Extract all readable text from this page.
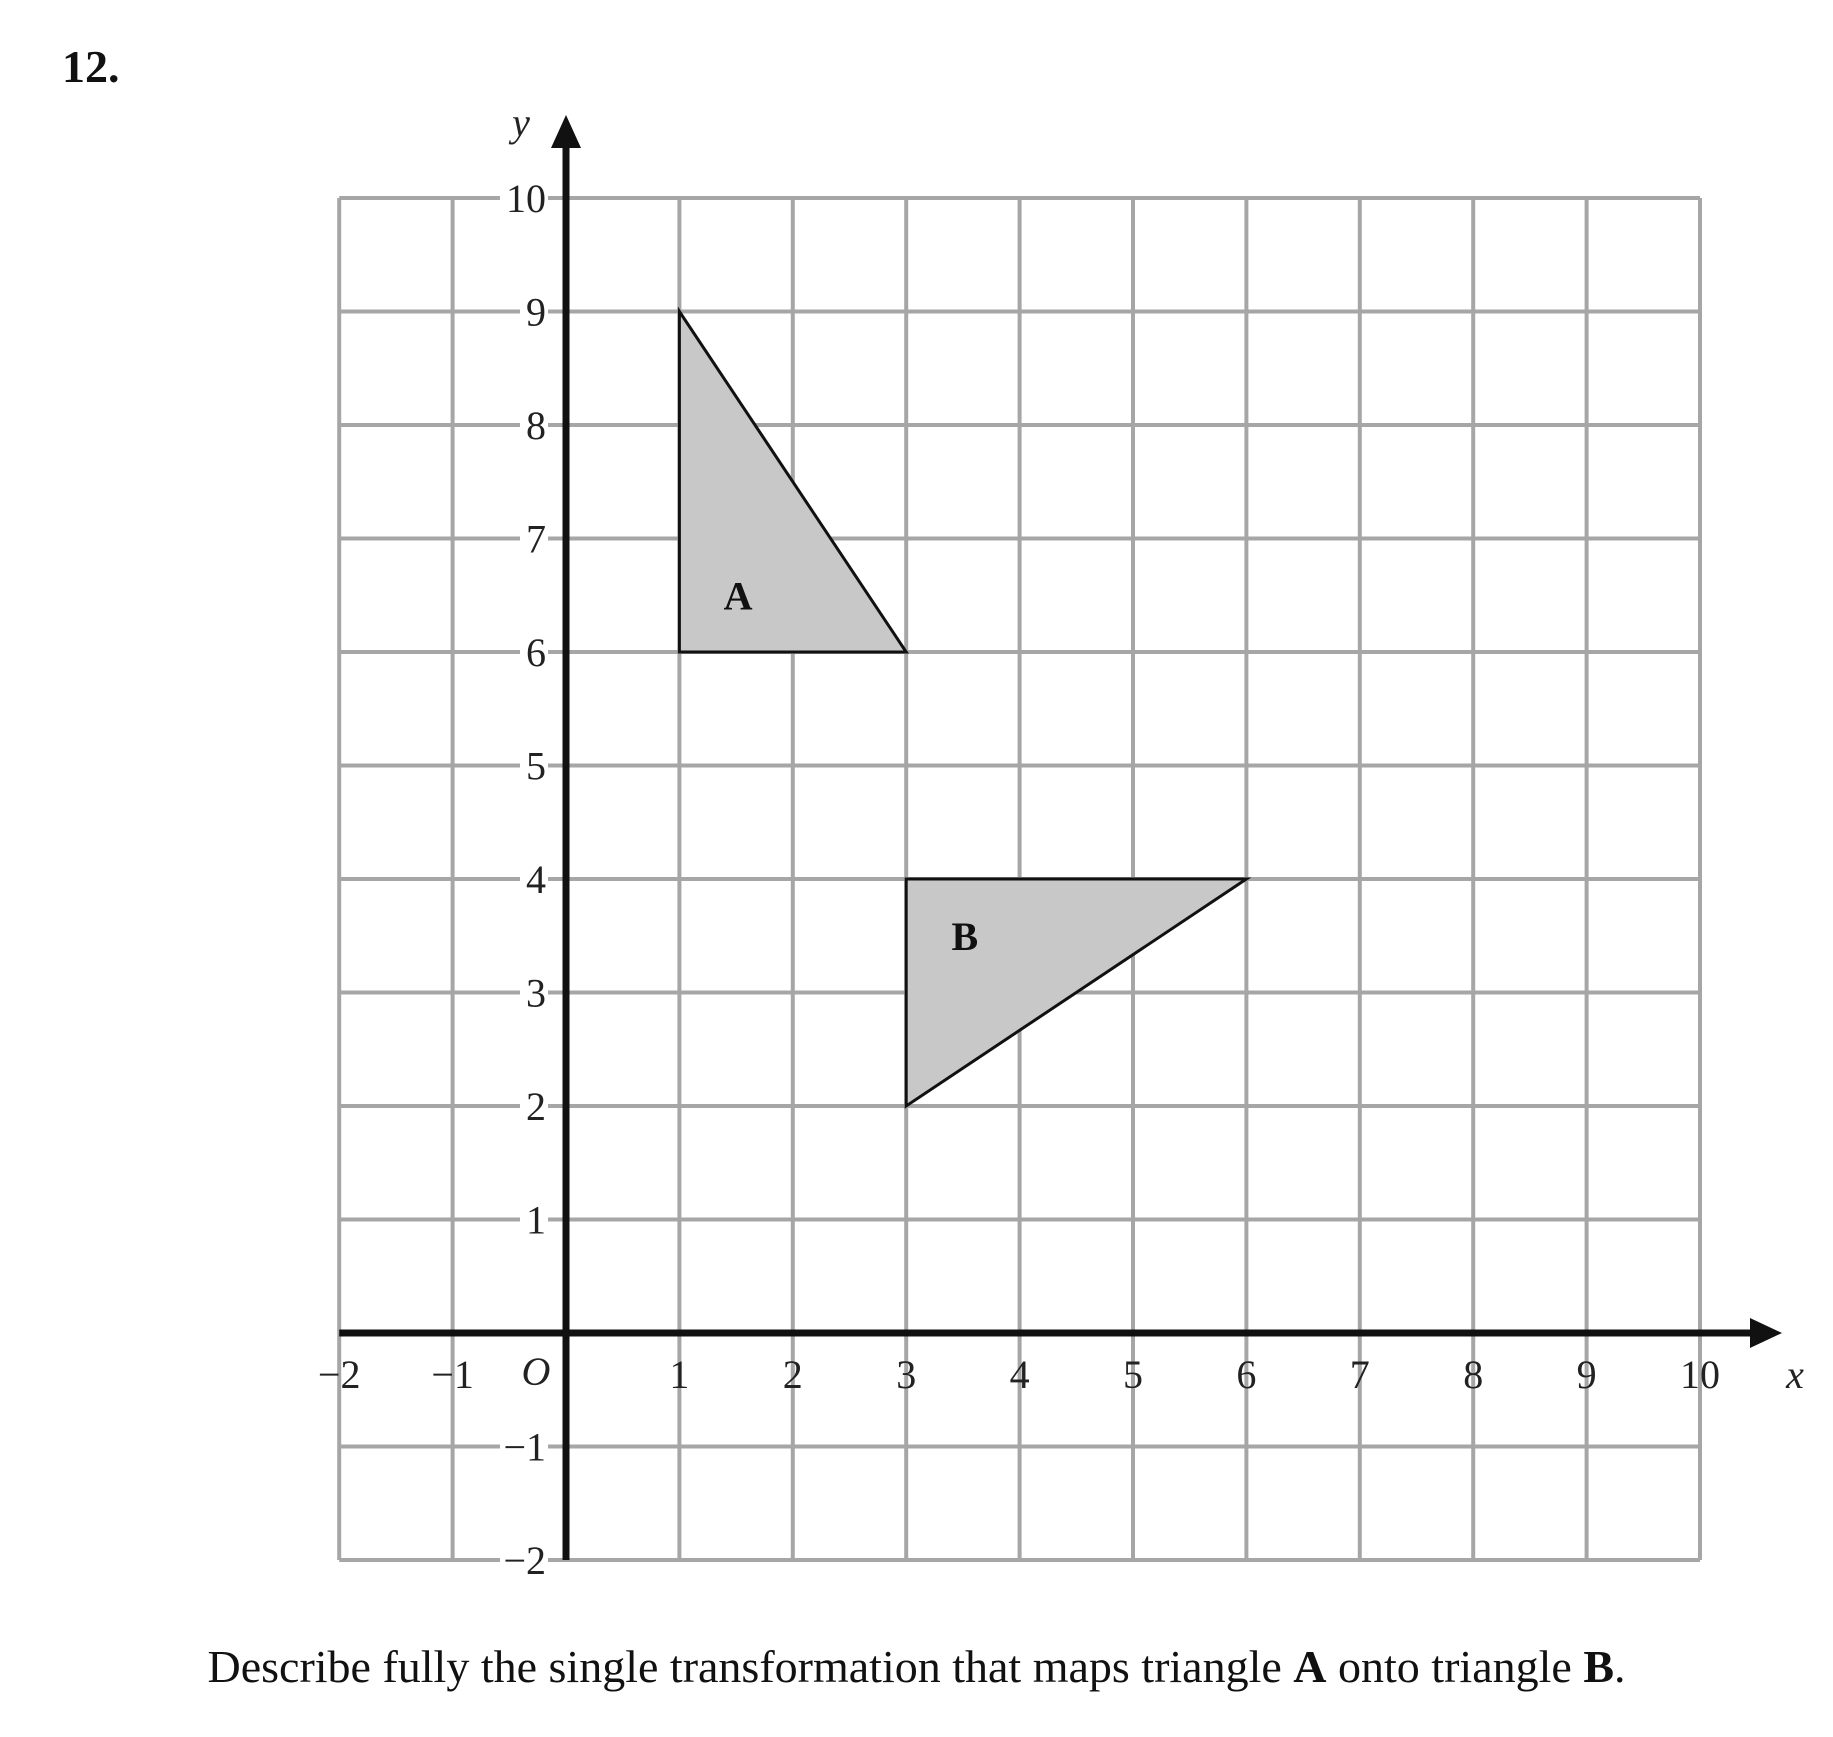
12.
A
B
−2 −1	1 2 3 4 5 6 7 8 9 10
10
9
8
7
6
5
4
3
2
1
−1
−2
O	x
y
Describe fully the single transformation that maps triangle A onto triangle B.
